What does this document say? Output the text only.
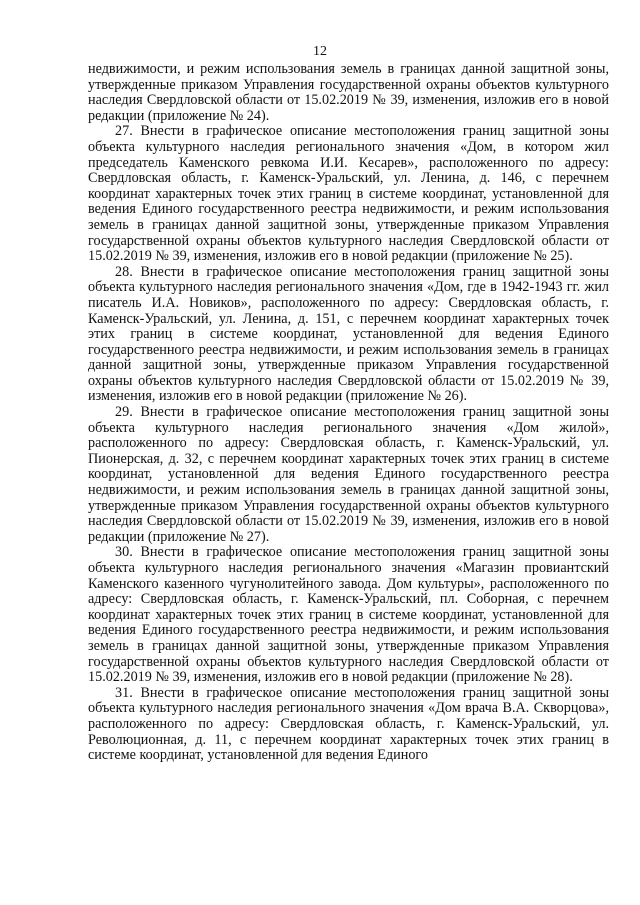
12

недвижимости, и режим использования земель в границах данной защитной зоны, утвержденные приказом Управления государственной охраны объектов культурного наследия Свердловской области от 15.02.2019 № 39, изменения, изложив его в новой редакции (приложение № 24).

27. Внести в графическое описание местоположения границ защитной зоны объекта культурного наследия регионального значения «Дом, в котором жил председатель Каменского ревкома И.И. Кесарев», расположенного по адресу: Свердловская область, г. Каменск-Уральский, ул. Ленина, д. 146, с перечнем координат характерных точек этих границ в системе координат, установленной для ведения Единого государственного реестра недвижимости, и режим использования земель в границах данной защитной зоны, утвержденные приказом Управления государственной охраны объектов культурного наследия Свердловской области от 15.02.2019 № 39, изменения, изложив его в новой редакции (приложение № 25).

28. Внести в графическое описание местоположения границ защитной зоны объекта культурного наследия регионального значения «Дом, где в 1942-1943 гг. жил писатель И.А. Новиков», расположенного по адресу: Свердловская область, г. Каменск-Уральский, ул. Ленина, д. 151, с перечнем координат характерных точек этих границ в системе координат, установленной для ведения Единого государственного реестра недвижимости, и режим использования земель в границах данной защитной зоны, утвержденные приказом Управления государственной охраны объектов культурного наследия Свердловской области от 15.02.2019 № 39, изменения, изложив его в новой редакции (приложение № 26).

29. Внести в графическое описание местоположения границ защитной зоны объекта культурного наследия регионального значения «Дом жилой», расположенного по адресу: Свердловская область, г. Каменск-Уральский, ул. Пионерская, д. 32, с перечнем координат характерных точек этих границ в системе координат, установленной для ведения Единого государственного реестра недвижимости, и режим использования земель в границах данной защитной зоны, утвержденные приказом Управления государственной охраны объектов культурного наследия Свердловской области от 15.02.2019 № 39, изменения, изложив его в новой редакции (приложение № 27).

30. Внести в графическое описание местоположения границ защитной зоны объекта культурного наследия регионального значения «Магазин провиантский Каменского казенного чугунолитейного завода. Дом культуры», расположенного по адресу: Свердловская область, г. Каменск-Уральский, пл. Соборная, с перечнем координат характерных точек этих границ в системе координат, установленной для ведения Единого государственного реестра недвижимости, и режим использования земель в границах данной защитной зоны, утвержденные приказом Управления государственной охраны объектов культурного наследия Свердловской области от 15.02.2019 № 39, изменения, изложив его в новой редакции (приложение № 28).

31. Внести в графическое описание местоположения границ защитной зоны объекта культурного наследия регионального значения «Дом врача В.А. Скворцова», расположенного по адресу: Свердловская область, г. Каменск-Уральский, ул. Революционная, д. 11, с перечнем координат характерных точек этих границ в системе координат, установленной для ведения Единого
